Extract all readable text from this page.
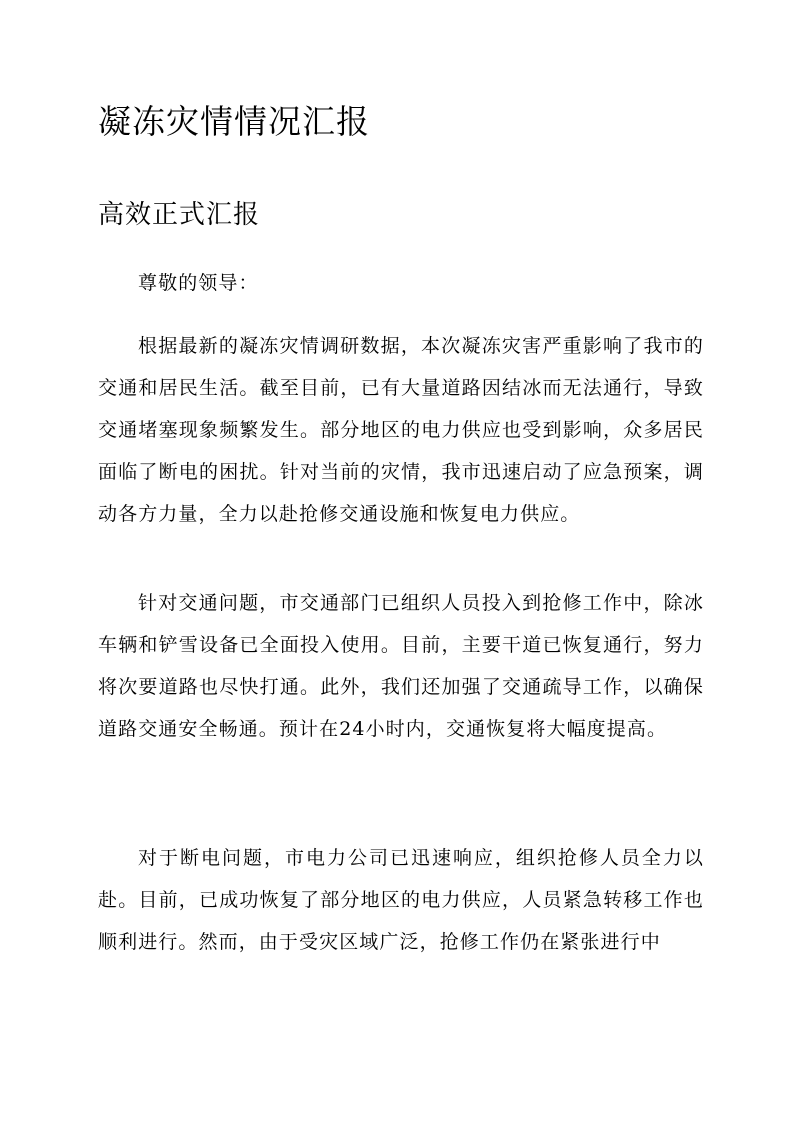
凝冻灾情情况汇报
高效正式汇报

尊敬的领导：

根据最新的凝冻灾情调研数据，本次凝冻灾害严重影响了我市的交通和居民生活。截至目前，已有大量道路因结冰而无法通行，导致交通堵塞现象频繁发生。部分地区的电力供应也受到影响，众多居民面临了断电的困扰。针对当前的灾情，我市迅速启动了应急预案，调动各方力量，全力以赴抢修交通设施和恢复电力供应。

针对交通问题，市交通部门已组织人员投入到抢修工作中，除冰车辆和铲雪设备已全面投入使用。目前，主要干道已恢复通行，努力将次要道路也尽快打通。此外，我们还加强了交通疏导工作，以确保道路交通安全畅通。预计在24小时内，交通恢复将大幅度提高。

对于断电问题，市电力公司已迅速响应，组织抢修人员全力以赴。目前，已成功恢复了部分地区的电力供应，人员紧急转移工作也顺利进行。然而，由于受灾区域广泛，抢修工作仍在紧张进行中
